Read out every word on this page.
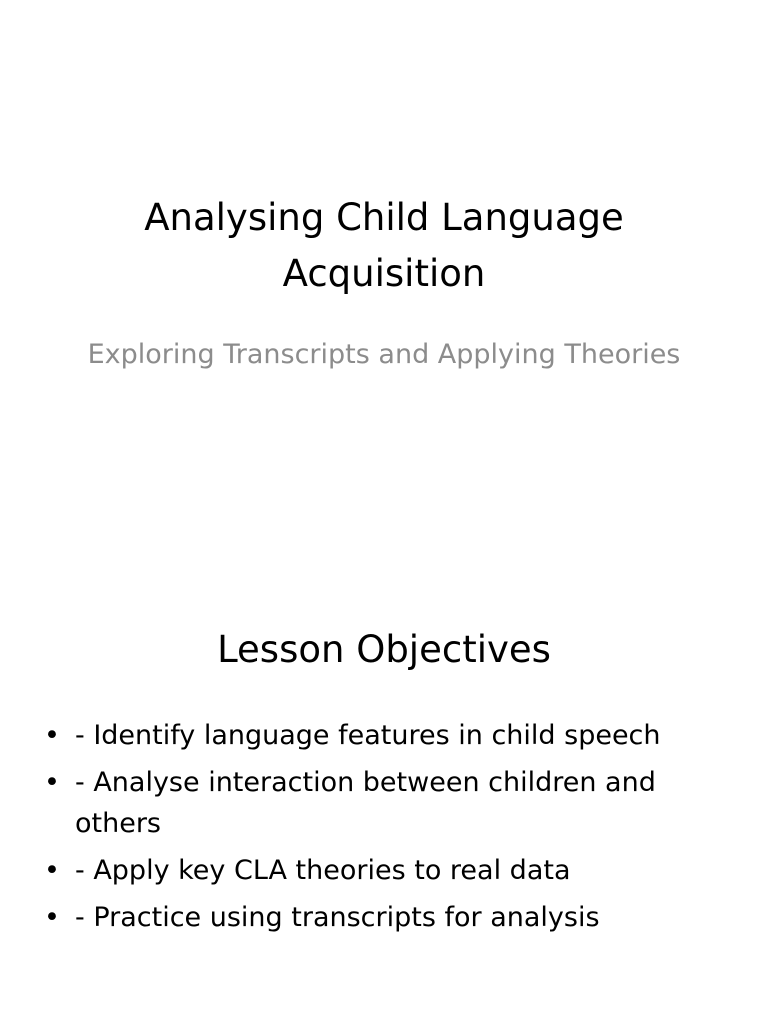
Analysing Child Language Acquisition
Exploring Transcripts and Applying Theories
Lesson Objectives
• - Identify language features in child speech
• - Analyse interaction between children and others
• - Apply key CLA theories to real data
• - Practice using transcripts for analysis
